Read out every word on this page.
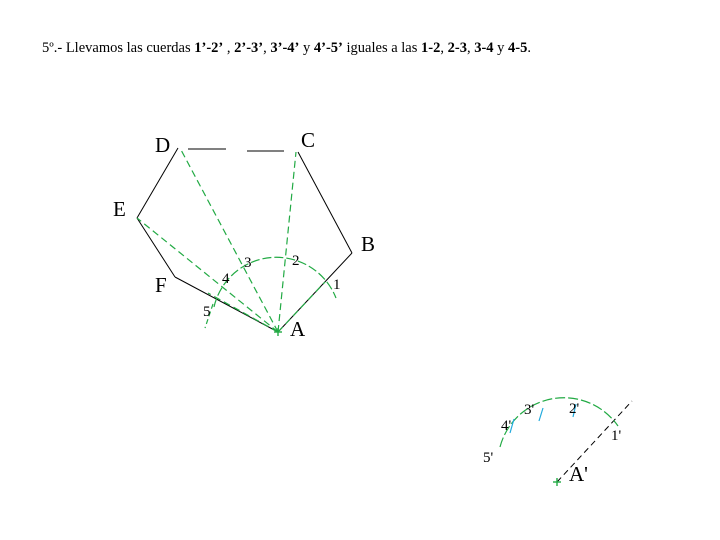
5º.- Llevamos las cuerdas 1’-2’ , 2’-3’, 3’-4’ y 4’-5’ iguales a las 1-2, 2-3, 3-4 y 4-5.
D	C
E
B
F
A
1
2
3
4
5
A'
1'
2'
3'
4'
5'
